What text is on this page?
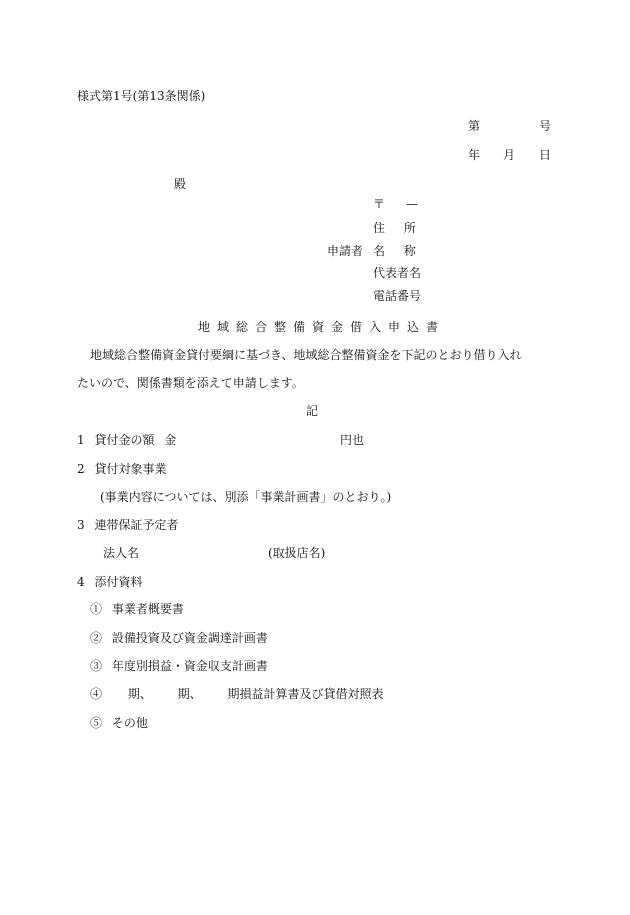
様式第1号(第13条関係)
第	号
年 月 日
殿
〒 —
住 所
申請者 名 称
代表者名
電話番号
地域総合整備資金借入申込書
地域総合整備資金貸付要綱に基づき、地域総合整備資金を下記のとおり借り入れ
たいので、関係書類を添えて申請します。
記
1 貸付金の額 金	円也
2 貸付対象事業
(事業内容については、別添「事業計画書」のとおり。)
3 連帯保証予定者
法人名	(取扱店名)
4 添付資料
① 事業者概要書
② 設備投資及び資金調達計画書
③ 年度別損益・資金収支計画書
④ 期、 期、 期損益計算書及び貸借対照表
⑤ その他
